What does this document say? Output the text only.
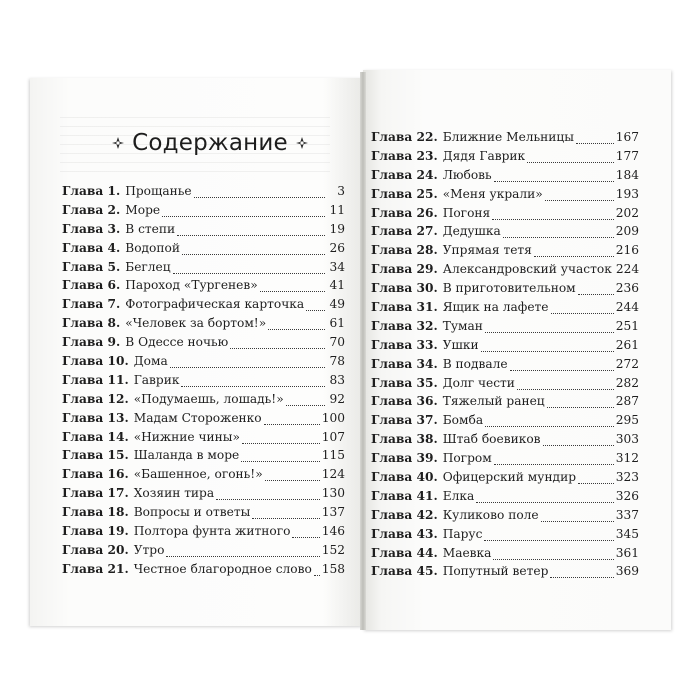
Содержание
Глава 1. Прощанье	3
Глава 2. Море	11
Глава 3. В степи	19
Глава 4. Водопой	26
Глава 5. Беглец	34
Глава 6. Пароход «Тургенев»	41
Глава 7. Фотографическая карточка 49
Глава 8. «Человек за бортом!»	61
Глава 9. В Одессе ночью	70
Глава 10. Дома	78
Глава 11. Гаврик	83
Глава 12. «Подумаешь, лошадь!»	92
Глава 13. Мадам Стороженко	100
Глава 14. «Нижние чины»	107
Глава 15. Шаланда в море	115
Глава 16. «Башенное, огонь!»	124
Глава 17. Хозяин тира	130
Глава 18. Вопросы и ответы	137
Глава 19. Полтора фунта житного	146
Глава 20. Утро	152
Глава 21. Честное благородное слово 158
Глава 22. Ближние Мельницы	167
Глава 23. Дядя Гаврик	177
Глава 24. Любовь	184
Глава 25. «Меня украли»	193
Глава 26. Погоня	202
Глава 27. Дедушка	209
Глава 28. Упрямая тетя	216
Глава 29. Александровский участок 224
Глава 30. В приготовительном	236
Глава 31. Ящик на лафете	244
Глава 32. Туман	251
Глава 33. Ушки	261
Глава 34. В подвале	272
Глава 35. Долг чести	282
Глава 36. Тяжелый ранец	287
Глава 37. Бомба	295
Глава 38. Штаб боевиков	303
Глава 39. Погром	312
Глава 40. Офицерский мундир	323
Глава 41. Елка	326
Глава 42. Куликово поле	337
Глава 43. Парус	345
Глава 44. Маевка	361
Глава 45. Попутный ветер	369
